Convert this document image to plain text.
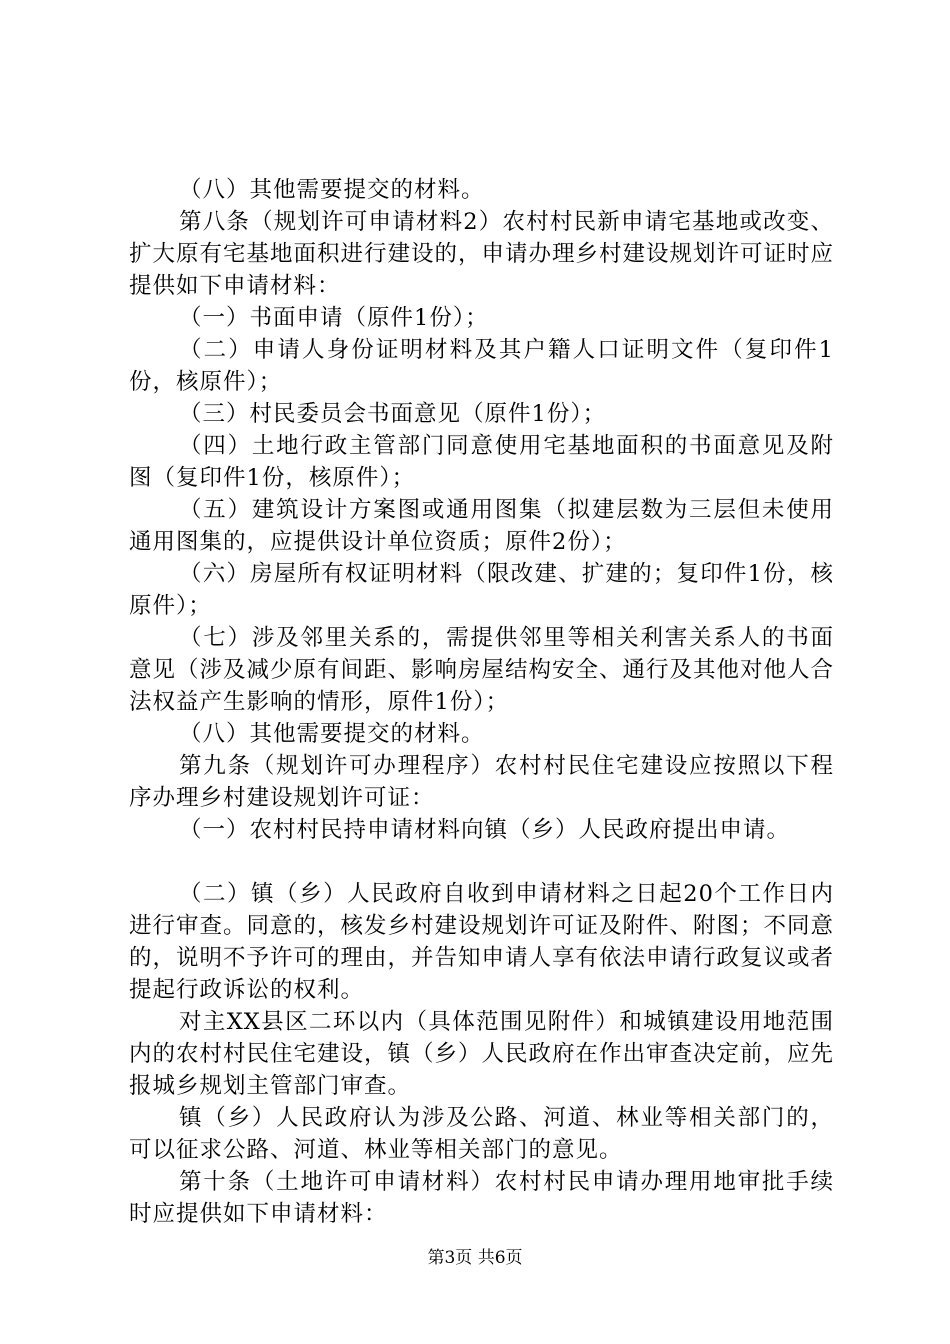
（八）其他需要提交的材料。

第八条（规划许可申请材料2）农村村民新申请宅基地或改变、扩大原有宅基地面积进行建设的，申请办理乡村建设规划许可证时应提供如下申请材料：

（一）书面申请（原件1份）；

（二）申请人身份证明材料及其户籍人口证明文件（复印件1份，核原件）；

（三）村民委员会书面意见（原件1份）；

（四）土地行政主管部门同意使用宅基地面积的书面意见及附图（复印件1份，核原件）；

（五）建筑设计方案图或通用图集（拟建层数为三层但未使用通用图集的，应提供设计单位资质；原件2份）；

（六）房屋所有权证明材料（限改建、扩建的；复印件1份，核原件）；

（七）涉及邻里关系的，需提供邻里等相关利害关系人的书面意见（涉及减少原有间距、影响房屋结构安全、通行及其他对他人合法权益产生影响的情形，原件1份）；

（八）其他需要提交的材料。

第九条（规划许可办理程序）农村村民住宅建设应按照以下程序办理乡村建设规划许可证：

（一）农村村民持申请材料向镇（乡）人民政府提出申请。

（二）镇（乡）人民政府自收到申请材料之日起20个工作日内进行审查。同意的，核发乡村建设规划许可证及附件、附图；不同意的，说明不予许可的理由，并告知申请人享有依法申请行政复议或者提起行政诉讼的权利。

对主XX县区二环以内（具体范围见附件）和城镇建设用地范围内的农村村民住宅建设，镇（乡）人民政府在作出审查决定前，应先报城乡规划主管部门审查。

镇（乡）人民政府认为涉及公路、河道、林业等相关部门的，可以征求公路、河道、林业等相关部门的意见。

第十条（土地许可申请材料）农村村民申请办理用地审批手续时应提供如下申请材料：

第3页 共6页
